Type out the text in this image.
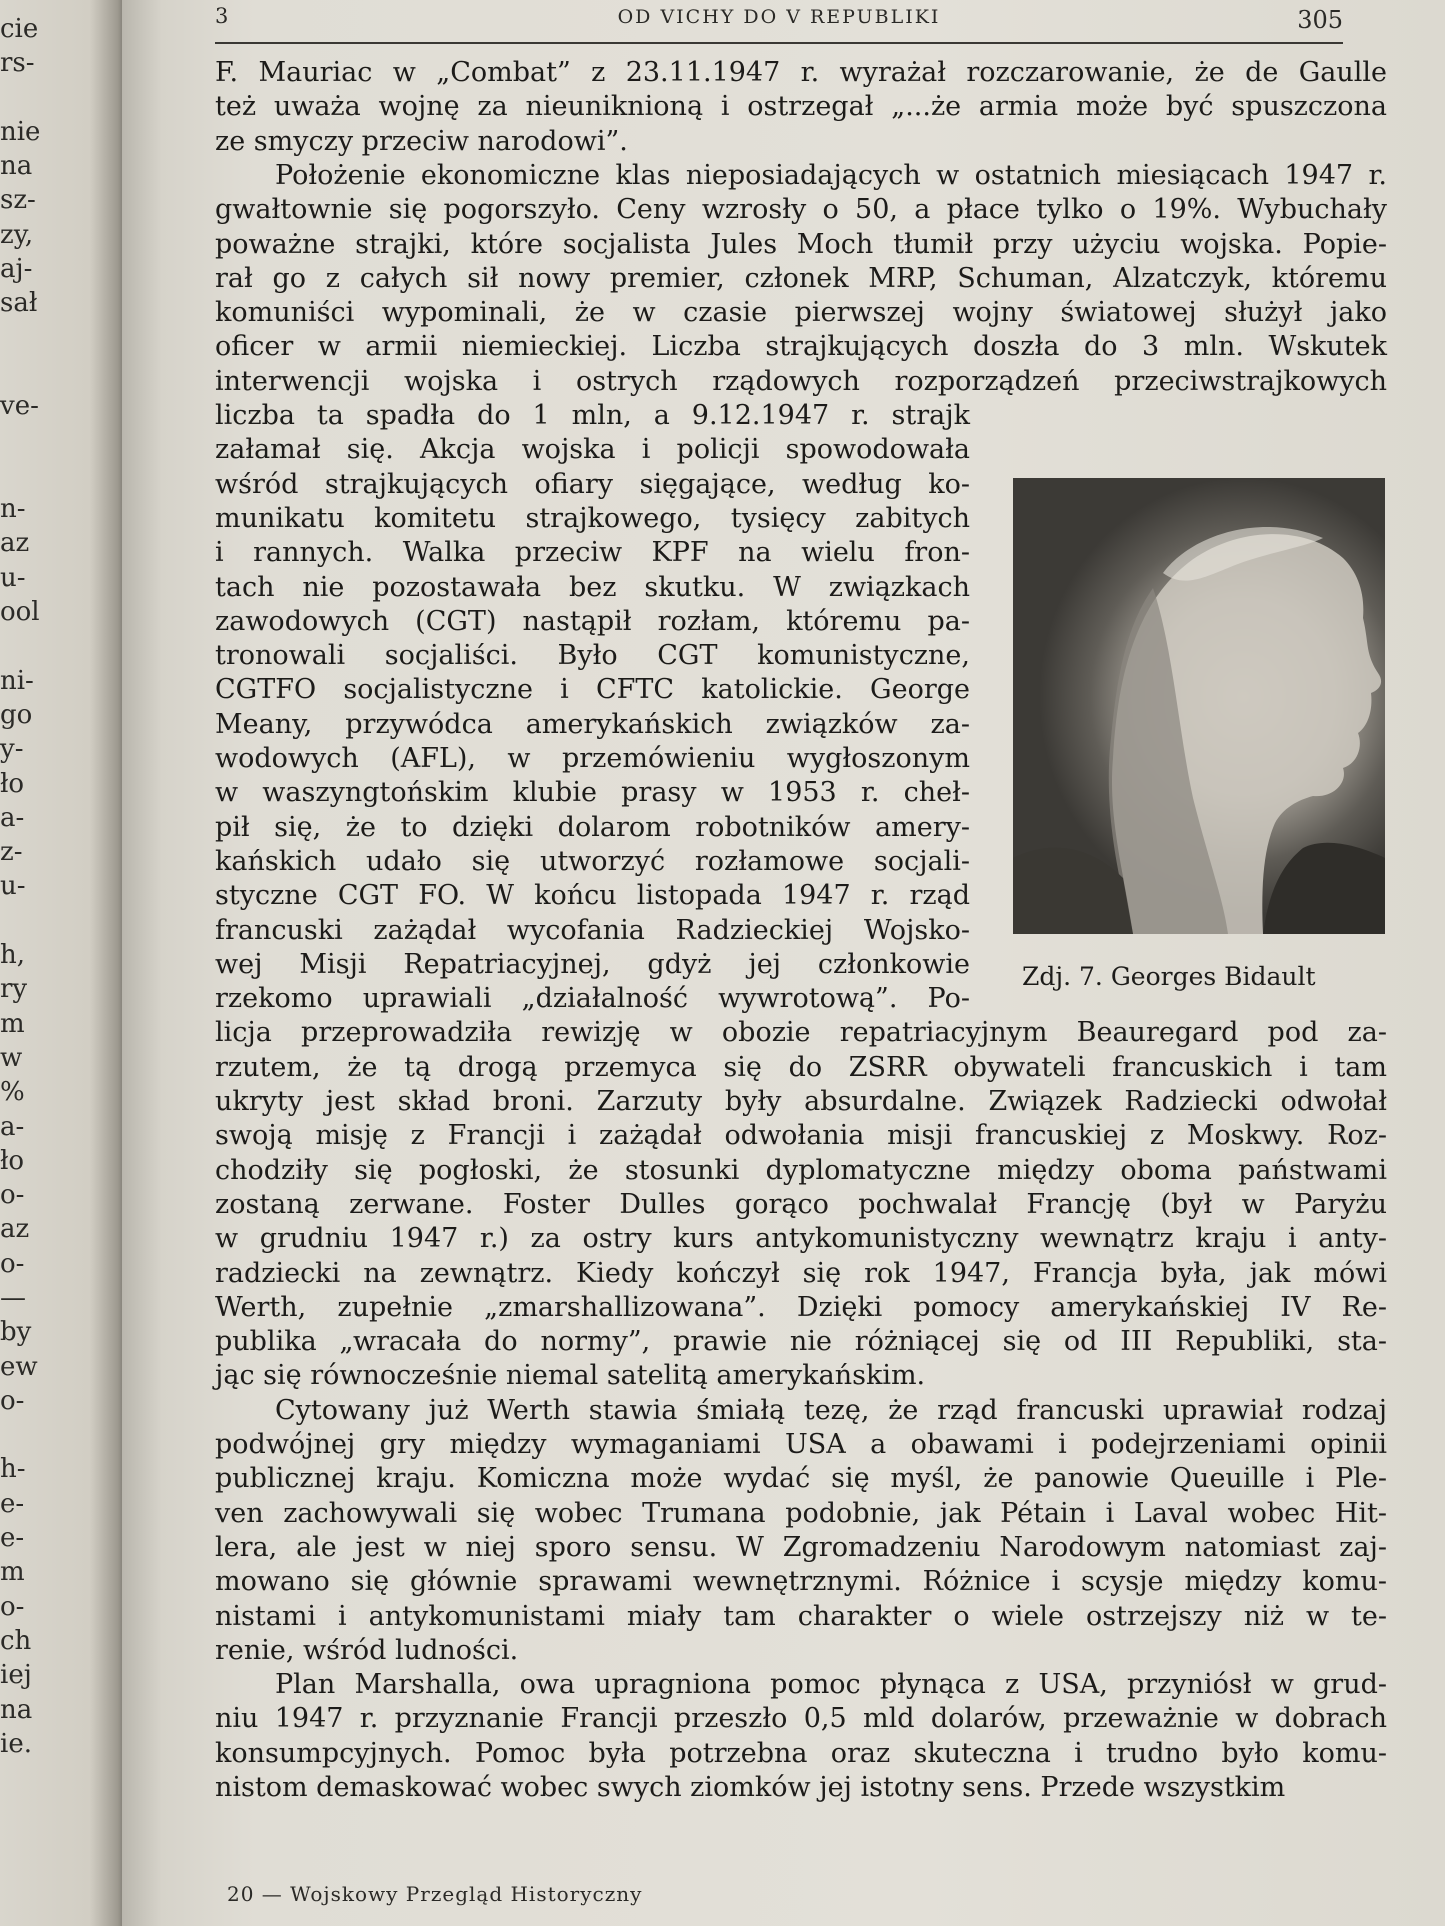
cie
rs-
nie
na
sz-
zy,
aj-
sał
ve-
n-
az
u-
ool
ni-
go
y-
ło
a-
z-
u-
h,
ry
m
w
%
a-
ło
o-
az
o-
—
by
ew
o-
h-
e-
e-
m
o-
ch
iej
na
ie.
3	OD VICHY DO V REPUBLIKI	305
F. Mauriac w „Combat” z 23.11.1947 r. wyrażał rozczarowanie, że de Gaulle
też uważa wojnę za nieuniknioną i ostrzegał „...że armia może być spuszczona
ze smyczy przeciw narodowi”.
Położenie ekonomiczne klas nieposiadających w ostatnich miesiącach 1947 r.
gwałtownie się pogorszyło. Ceny wzrosły o 50, a płace tylko o 19%. Wybuchały
poważne strajki, które socjalista Jules Moch tłumił przy użyciu wojska. Popie-
rał go z całych sił nowy premier, członek MRP, Schuman, Alzatczyk, któremu
komuniści wypominali, że w czasie pierwszej wojny światowej służył jako
oficer w armii niemieckiej. Liczba strajkujących doszła do 3 mln. Wskutek
interwencji wojska i ostrych rządowych rozporządzeń przeciwstrajkowych
liczba ta spadła do 1 mln, a 9.12.1947 r. strajk
załamał się. Akcja wojska i policji spowodowała
wśród strajkujących ofiary sięgające, według ko-
munikatu komitetu strajkowego, tysięcy zabitych
i rannych. Walka przeciw KPF na wielu fron-
tach nie pozostawała bez skutku. W związkach
zawodowych (CGT) nastąpił rozłam, któremu pa-
tronowali socjaliści. Było CGT komunistyczne,
CGTFO socjalistyczne i CFTC katolickie. George
Meany, przywódca amerykańskich związków za-
wodowych (AFL), w przemówieniu wygłoszonym
w waszyngtońskim klubie prasy w 1953 r. cheł-
pił się, że to dzięki dolarom robotników amery-
kańskich udało się utworzyć rozłamowe socjali-
styczne CGT FO. W końcu listopada 1947 r. rząd
francuski zażądał wycofania Radzieckiej Wojsko-
wej Misji Repatriacyjnej, gdyż jej członkowie
rzekomo uprawiali „działalność wywrotową”. Po-
licja przeprowadziła rewizję w obozie repatriacyjnym Beauregard pod za-
rzutem, że tą drogą przemyca się do ZSRR obywateli francuskich i tam
ukryty jest skład broni. Zarzuty były absurdalne. Związek Radziecki odwołał
swoją misję z Francji i zażądał odwołania misji francuskiej z Moskwy. Roz-
chodziły się pogłoski, że stosunki dyplomatyczne między oboma państwami
zostaną zerwane. Foster Dulles gorąco pochwalał Francję (był w Paryżu
w grudniu 1947 r.) za ostry kurs antykomunistyczny wewnątrz kraju i anty-
radziecki na zewnątrz. Kiedy kończył się rok 1947, Francja była, jak mówi
Werth, zupełnie „zmarshallizowana”. Dzięki pomocy amerykańskiej IV Re-
publika „wracała do normy”, prawie nie różniącej się od III Republiki, sta-
jąc się równocześnie niemal satelitą amerykańskim.
Cytowany już Werth stawia śmiałą tezę, że rząd francuski uprawiał rodzaj
podwójnej gry między wymaganiami USA a obawami i podejrzeniami opinii
publicznej kraju. Komiczna może wydać się myśl, że panowie Queuille i Ple-
ven zachowywali się wobec Trumana podobnie, jak Pétain i Laval wobec Hit-
lera, ale jest w niej sporo sensu. W Zgromadzeniu Narodowym natomiast zaj-
mowano się głównie sprawami wewnętrznymi. Różnice i scysje między komu-
nistami i antykomunistami miały tam charakter o wiele ostrzejszy niż w te-
renie, wśród ludności.
Plan Marshalla, owa upragniona pomoc płynąca z USA, przyniósł w grud-
niu 1947 r. przyznanie Francji przeszło 0,5 mld dolarów, przeważnie w dobrach
konsumpcyjnych. Pomoc była potrzebna oraz skuteczna i trudno było komu-
nistom demaskować wobec swych ziomków jej istotny sens. Przede wszystkim
Zdj. 7. Georges Bidault
20 — Wojskowy Przegląd Historyczny
